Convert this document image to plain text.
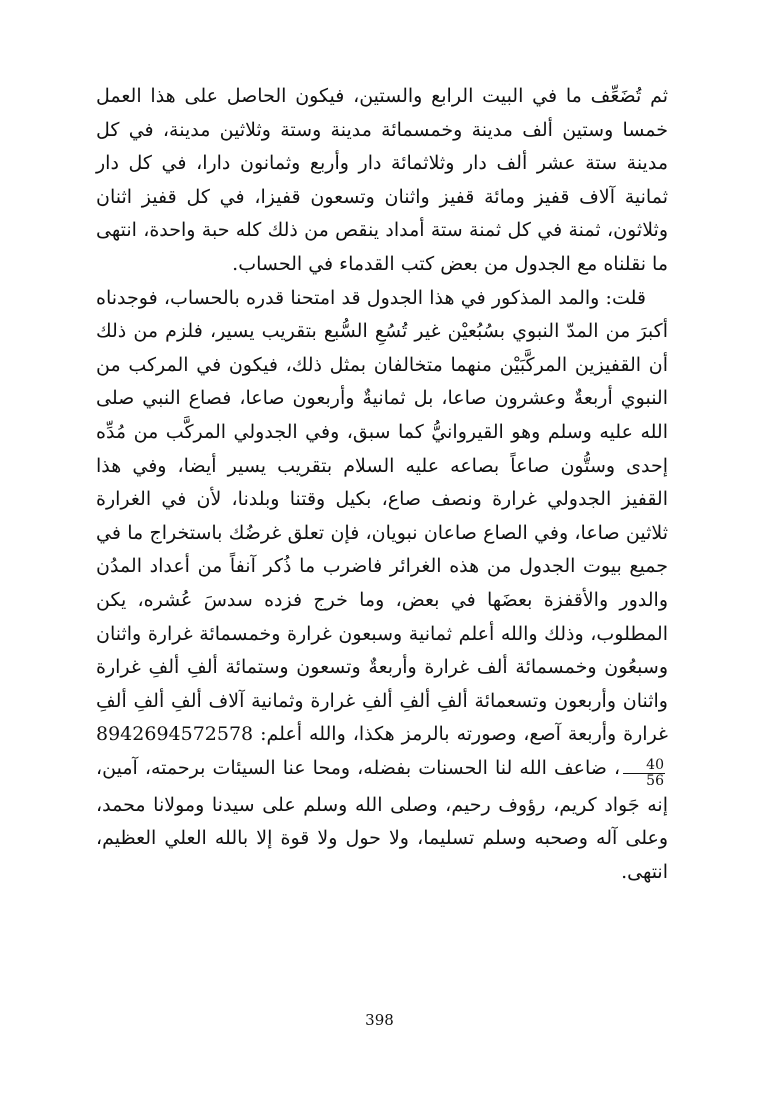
ثم تُضَعِّف ما في البيت الرابع والستين، فيكون الحاصل على هذا العمل خمسا وستين ألف مدينة وخمسمائة مدينة وستة وثلاثين مدينة، في كل مدينة ستة عشر ألف دار وثلاثمائة دار وأربع وثمانون دارا، في كل دار ثمانية آلاف قفيز ومائة قفيز واثنان وتسعون قفيزا، في كل قفيز اثنان وثلاثون، ثمنة في كل ثمنة ستة أمداد ينقص من ذلك كله حبة واحدة، انتهى ما نقلناه مع الجدول من بعض كتب القدماء في الحساب.

قلت: والمد المذكور في هذا الجدول قد امتحنا قدره بالحساب، فوجدناه أكبرَ من المدّ النبوي بسُبُعيْن غير تُسُعِ السُّبع بتقريب يسير، فلزم من ذلك أن القفيزين المركَّبَيْن منهما متخالفان بمثل ذلك، فيكون في المركب من النبوي أربعةٌ وعشرون صاعا، بل ثمانيةٌ وأربعون صاعا، فصاع النبي صلى الله عليه وسلم وهو القيروانيُّ كما سبق، وفي الجدولي المركَّب من مُدِّه إحدى وستُّون صاعاً بصاعه عليه السلام بتقريب يسير أيضا، وفي هذا القفيز الجدولي غرارة ونصف صاع، بكيل وقتنا وبلدنا، لأن في الغرارة ثلاثين صاعا، وفي الصاع صاعان نبويان، فإن تعلق غرضُك باستخراج ما في جميع بيوت الجدول من هذه الغرائر فاضرب ما ذُكر آنفاً من أعداد المدُن والدور والأقفزة بعضَها في بعض، وما خرج فزده سدسَ عُشره، يكن المطلوب، وذلك والله أعلم ثمانية وسبعون غرارة وخمسمائة غرارة واثنان وسبعُون وخمسمائة ألف غرارة وأربعةٌ وتسعون وستمائة ألفِ ألفِ غرارة واثنان وأربعون وتسعمائة ألفِ ألفِ ألفِ غرارة وثمانية آلاف ألفِ ألفِ ألفِ غرارة وأربعة آصع، وصورته بالرمز هكذا، والله أعلم: 8942694572578
$\frac{40}{56}$
، ضاعف الله لنا الحسنات بفضله، ومحا عنا السيئات برحمته، آمين، إنه جَواد كريم، رؤوف رحيم، وصلى الله وسلم على سيدنا ومولانا محمد، وعلى آله وصحبه وسلم تسليما، ولا حول ولا قوة إلا بالله العلي العظيم، انتهى.

398
